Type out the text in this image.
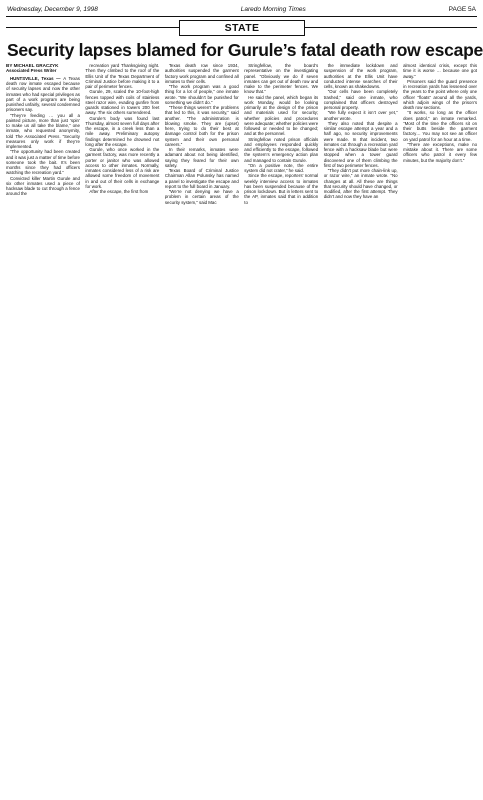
Wednesday, December 9, 1998	Laredo Morning Times	PAGE 5A
STATE
Security lapses blamed for Gurule’s fatal death row escape
BY MICHAEL GRACZYK
Associated Press Writer

HUNTSVILLE, Texas — A Texas death row inmate escaped because of security lapses and now the other inmates who had special privileges as part of a work program are being punished unfairly, several condemned prisoners say.

“They’re feeding … you all a painted picture, more than just ‘spin’ to make us all take the blame,” one inmate, who requested anonymity, told The Associated Press. “Security measures only work if they’re implemented.

“The opportunity had been created and it was just a matter of time before someone took the bait. It’s been months since they had officers watching the recreation yard.”

Convicted killer Martin Gurule and six other inmates used a piece of hacksaw blade to cut through a fence around the

recreation yard Thanksgiving night. Then they climbed to the roof of the Ellis Unit of the Texas Department of Criminal Justice before making it to a pair of perimeter fences.

Gurule, 29, scaled the 10-foot-high fences topped with coils of stainless steel razor wire, evading gunfire from guards stationed in towers 200 feet away. The six others surrendered.

Gurule’s body was found last Thursday, almost seven full days after the escape, in a creek less than a mile away. Preliminary autopsy findings determined he drowned not long after the escape.

Gurule, who once worked in the garment factory, was more recently a porter or janitor who was allowed access to other inmates. Normally, inmates considered less of a risk are allowed some freedom of movement in and out of their cells in exchange for work.

After the escape, the first from

Texas death row since 1934, authorities suspended the garment factory work program and confined all inmates to their cells.

“The work program was a good thing for a lot of people,” one inmate wrote. “We shouldn’t be punished for something we didn’t do.”

“These things weren’t the problems that led to this, it was security,” said another. “The administration is blowing smoke. They are (upset) here, trying to do their best at damage control both for the prison system and their own personal careers.”

In their remarks, inmates were adamant about not being identified, saying they feared for their own safety.

Texas Board of Criminal Justice Chairman Allan Polunsky has named a panel to investigate the escape and report to the full board in January.

“We’re not denying we have a problem in certain areas of the security system,” said Mac

Stringfellow, the board’s representative on the investigating panel. “Obviously we do if seven inmates can get out of death row and make to the perimeter fences. We know that.”

He said the panel, which began its work Monday, would be looking primarily at the design of the prison and materials used for security; whether policies and procedures were adequate; whether policies were followed or needed to be changed; and at the personnel.

Stringfellow noted prison officials and employees responded quickly and efficiently to the escape, followed the system’s emergency action plan and managed to contain Gurule.

“On a positive note, the entire system did not crater,” he said.

Since the escape, reporters’ normal weekly interview access to inmates has been suspended because of the prison lockdown. But in letters sent to the AP, inmates said that in addition to

the immediate lockdown and suspension of the work program, authorities at the Ellis Unit have conducted intense searches of their cells, known as shakedowns.

“Our cells have been completely trashed,” said one inmate, who complained that officers destroyed personal property.

“We fully expect it isn’t over yet,” another wrote.

They also noted that despite a similar escape attempt a year and a half ago, no security improvements were made. In that incident, two inmates cut through a recreation yard fence with a hacksaw blade but were stopped when a tower guard discovered one of them climbing the first of two perimeter fences.

“They didn’t put more chain-link up, or razor wire,” an inmate wrote. “No changes at all. All these are things that security should have changed, or modified, after the first attempt. They didn’t and now they have an

almost identical crisis, except this time it is worse … because one got away.”

Prisoners said the guard presence in recreation yards has lessened over the years to the point where only one officer “floats” around all the yards, which adjoin wings of the prison’s death row sections.

“It works, so long as the officer does patrol,” an inmate remarked. “Most of the time the officers sit on their butts beside the garment factory… You may not see an officer on yard patrol for an hour at a time.

“There are exceptions, make no mistake about it. There are some officers who patrol it every few minutes, but the majority don’t.”
